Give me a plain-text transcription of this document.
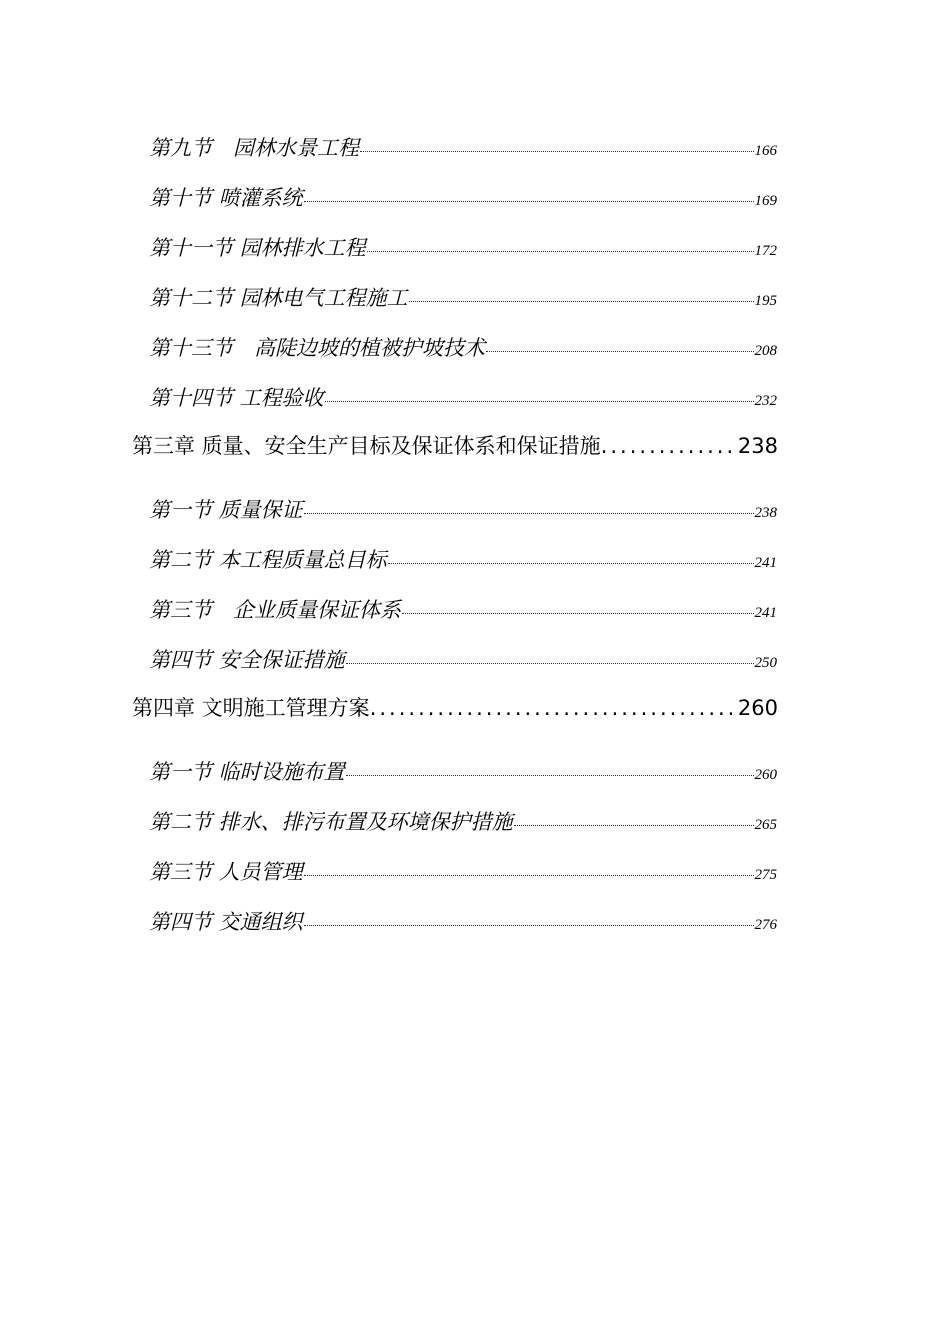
第九节　园林水景工程	166
第十节 喷灌系统	169
第十一节 园林排水工程	172
第十二节 园林电气工程施工	195
第十三节　高陡边坡的植被护坡技术	208
第十四节 工程验收	232
第三章 质量、安全生产目标及保证体系和保证措施 .....	238
第一节 质量保证	238
第二节 本工程质量总目标	241
第三节　企业质量保证体系	241
第四节 安全保证措施	250
第四章 文明施工管理方案 .....	260
第一节 临时设施布置	260
第二节 排水、排污布置及环境保护措施	265
第三节 人员管理	275
第四节 交通组织	276
